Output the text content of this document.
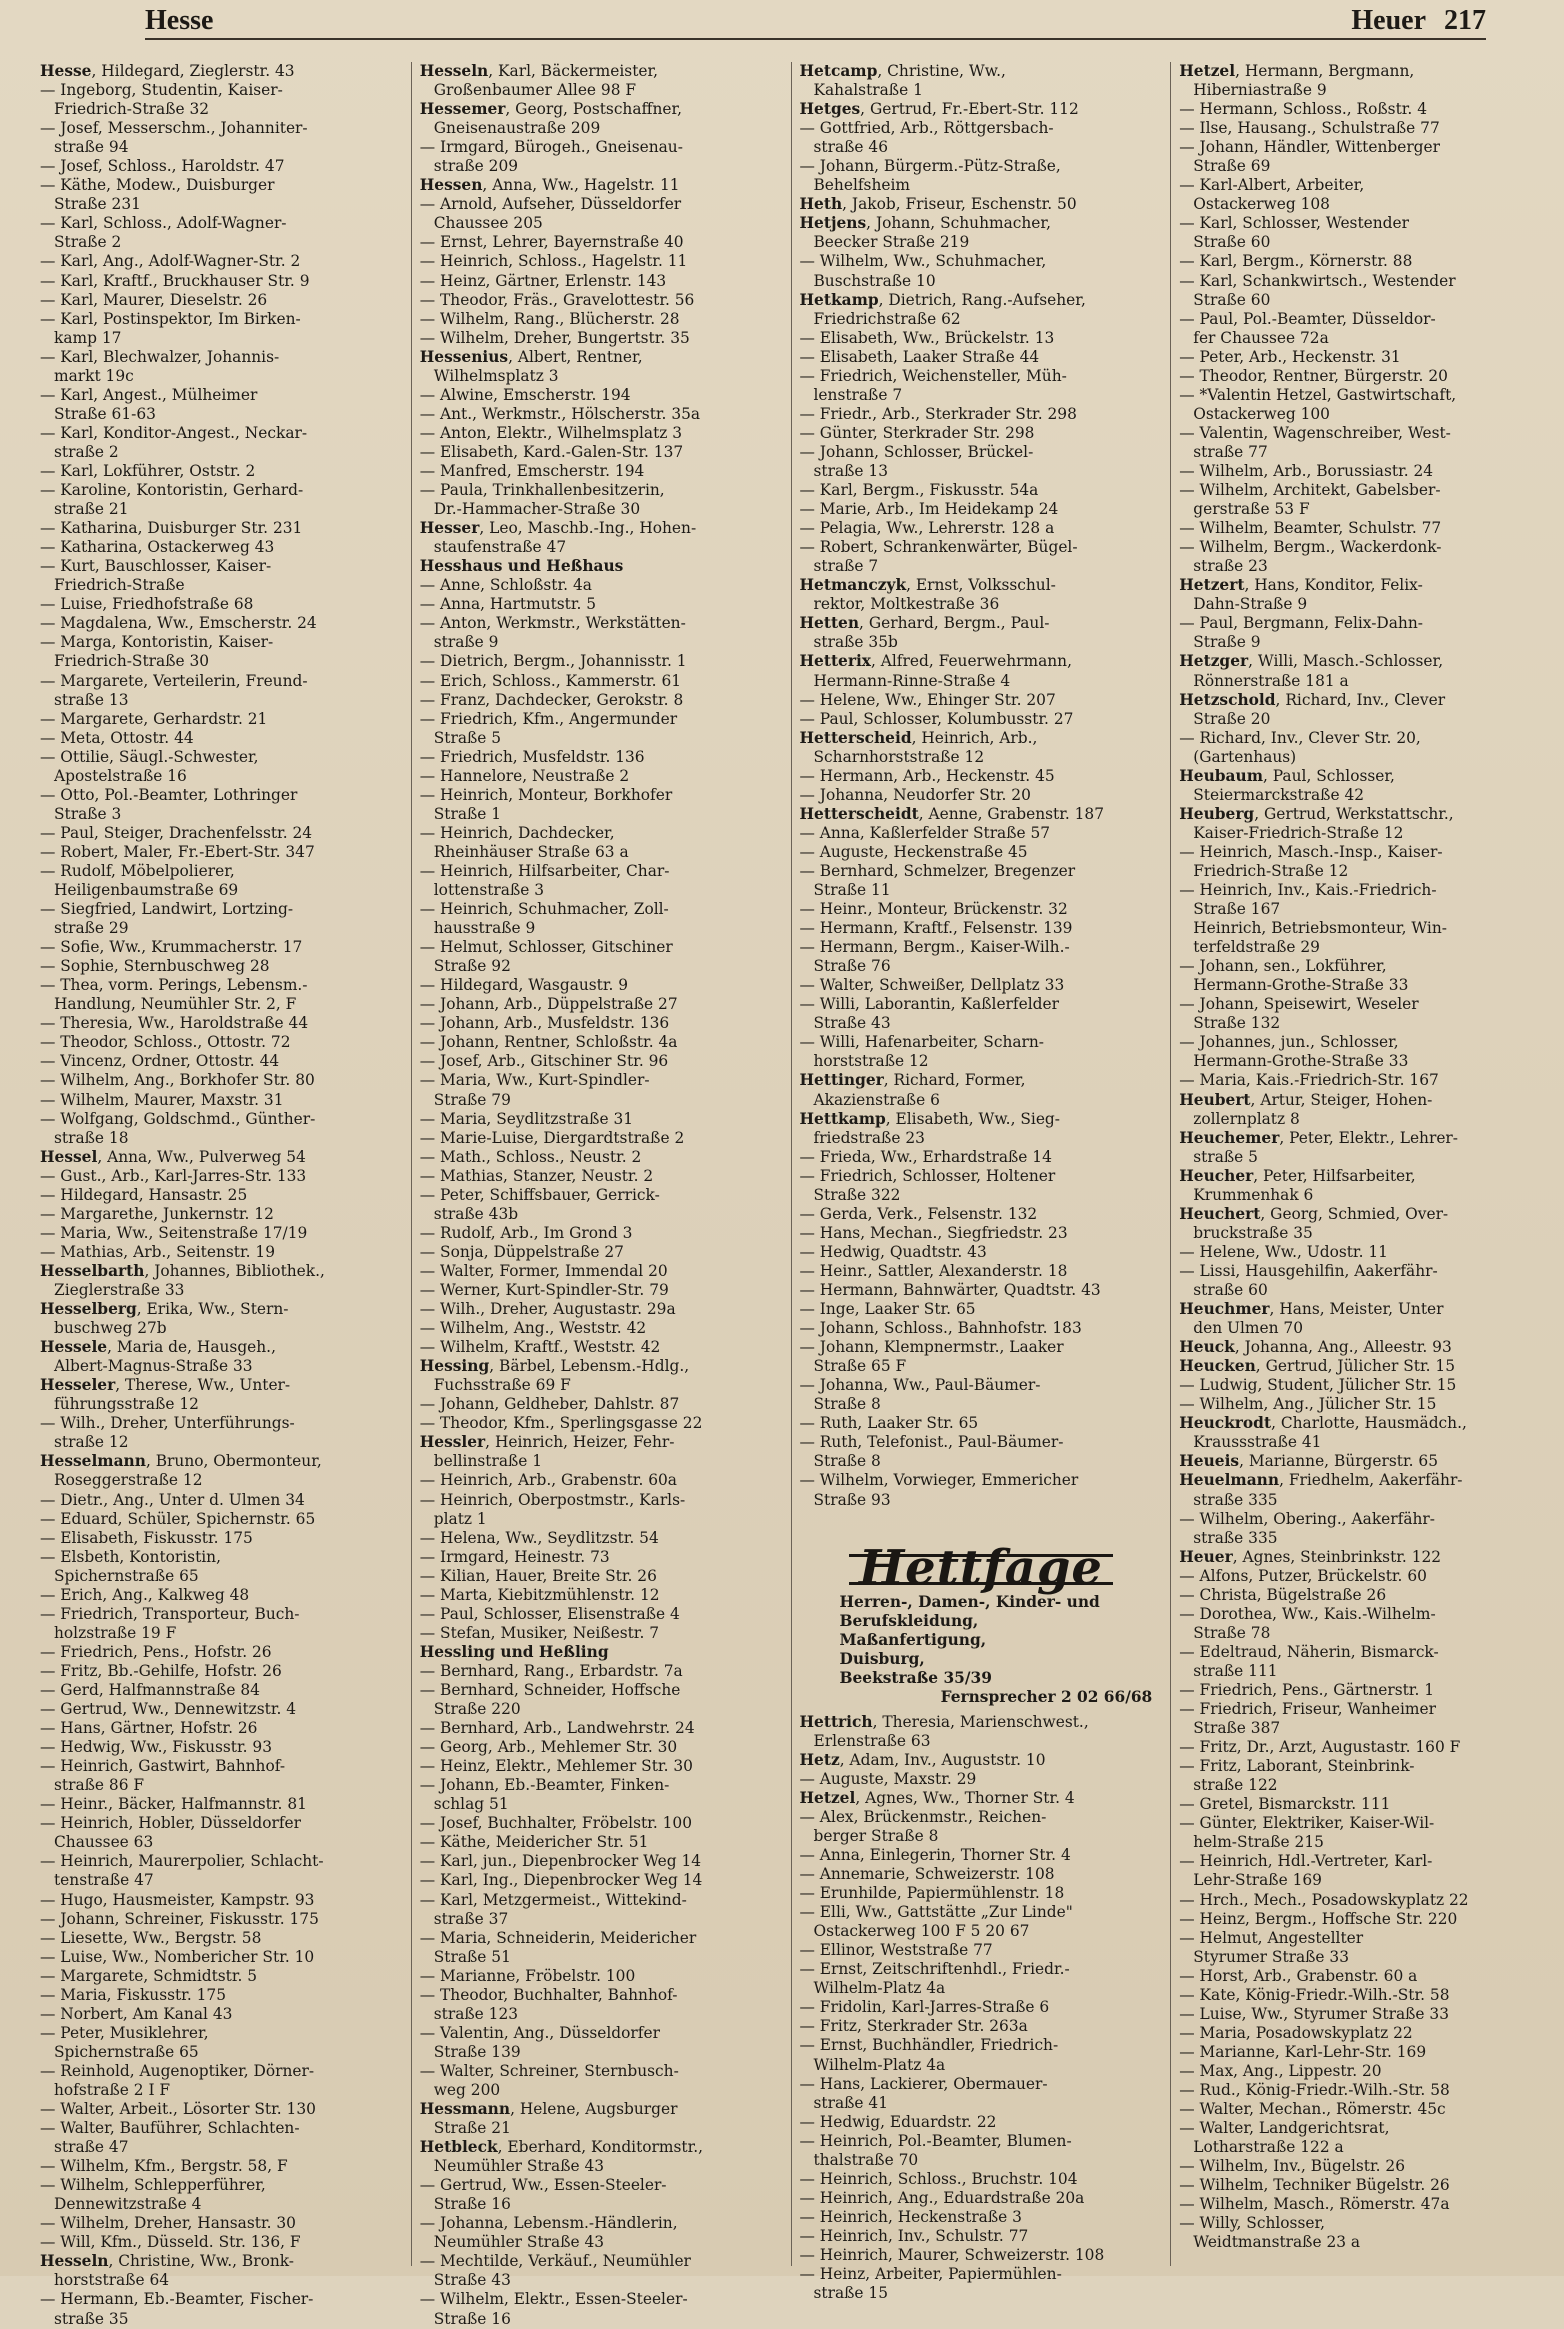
Hesse	Heuer 217
Hesse, Hildegard, Zieglerstr. 43
— Ingeborg, Studentin, Kaiser-
Friedrich-Straße 32
— Josef, Messerschm., Johanniter-
straße 94
— Josef, Schloss., Haroldstr. 47
— Käthe, Modew., Duisburger
Straße 231
— Karl, Schloss., Adolf-Wagner-
Straße 2
— Karl, Ang., Adolf-Wagner-Str. 2
— Karl, Kraftf., Bruckhauser Str. 9
— Karl, Maurer, Dieselstr. 26
— Karl, Postinspektor, Im Birken-
kamp 17
— Karl, Blechwalzer, Johannis-
markt 19c
— Karl, Angest., Mülheimer
Straße 61-63
— Karl, Konditor-Angest., Neckar-
straße 2
— Karl, Lokführer, Oststr. 2
— Karoline, Kontoristin, Gerhard-
straße 21
— Katharina, Duisburger Str. 231
— Katharina, Ostackerweg 43
— Kurt, Bauschlosser, Kaiser-
Friedrich-Straße
— Luise, Friedhofstraße 68
— Magdalena, Ww., Emscherstr. 24
— Marga, Kontoristin, Kaiser-
Friedrich-Straße 30
— Margarete, Verteilerin, Freund-
straße 13
— Margarete, Gerhardstr. 21
— Meta, Ottostr. 44
— Ottilie, Säugl.-Schwester,
Apostelstraße 16
— Otto, Pol.-Beamter, Lothringer
Straße 3
— Paul, Steiger, Drachenfelsstr. 24
— Robert, Maler, Fr.-Ebert-Str. 347
— Rudolf, Möbelpolierer,
Heiligenbaumstraße 69
— Siegfried, Landwirt, Lortzing-
straße 29
— Sofie, Ww., Krummacherstr. 17
— Sophie, Sternbuschweg 28
— Thea, vorm. Perings, Lebensm.-
Handlung, Neumühler Str. 2, F
— Theresia, Ww., Haroldstraße 44
— Theodor, Schloss., Ottostr. 72
— Vincenz, Ordner, Ottostr. 44
— Wilhelm, Ang., Borkhofer Str. 80
— Wilhelm, Maurer, Maxstr. 31
— Wolfgang, Goldschmd., Günther-
straße 18
Hessel, Anna, Ww., Pulverweg 54
— Gust., Arb., Karl-Jarres-Str. 133
— Hildegard, Hansastr. 25
— Margarethe, Junkernstr. 12
— Maria, Ww., Seitenstraße 17/19
— Mathias, Arb., Seitenstr. 19
Hesselbarth, Johannes, Bibliothek.,
Zieglerstraße 33
Hesselberg, Erika, Ww., Stern-
buschweg 27b
Hessele, Maria de, Hausgeh.,
Albert-Magnus-Straße 33
Hesseler, Therese, Ww., Unter-
führungsstraße 12
— Wilh., Dreher, Unterführungs-
straße 12
Hesselmann, Bruno, Obermonteur,
Roseggerstraße 12
— Dietr., Ang., Unter d. Ulmen 34
— Eduard, Schüler, Spichernstr. 65
— Elisabeth, Fiskusstr. 175
— Elsbeth, Kontoristin,
Spichernstraße 65
— Erich, Ang., Kalkweg 48
— Friedrich, Transporteur, Buch-
holzstraße 19 F
— Friedrich, Pens., Hofstr. 26
— Fritz, Bb.-Gehilfe, Hofstr. 26
— Gerd, Halfmannstraße 84
— Gertrud, Ww., Dennewitzstr. 4
— Hans, Gärtner, Hofstr. 26
— Hedwig, Ww., Fiskusstr. 93
— Heinrich, Gastwirt, Bahnhof-
straße 86 F
— Heinr., Bäcker, Halfmannstr. 81
— Heinrich, Hobler, Düsseldorfer
Chaussee 63
— Heinrich, Maurerpolier, Schlacht-
tenstraße 47
— Hugo, Hausmeister, Kampstr. 93
— Johann, Schreiner, Fiskusstr. 175
— Liesette, Ww., Bergstr. 58
— Luise, Ww., Nombericher Str. 10
— Margarete, Schmidtstr. 5
— Maria, Fiskusstr. 175
— Norbert, Am Kanal 43
— Peter, Musiklehrer,
Spichernstraße 65
— Reinhold, Augenoptiker, Dörner-
hofstraße 2 I F
— Walter, Arbeit., Lösorter Str. 130
— Walter, Bauführer, Schlachten-
straße 47
— Wilhelm, Kfm., Bergstr. 58, F
— Wilhelm, Schlepperführer,
Dennewitzstraße 4
— Wilhelm, Dreher, Hansastr. 30
— Will, Kfm., Düsseld. Str. 136, F
Hesseln, Christine, Ww., Bronk-
horststraße 64
— Hermann, Eb.-Beamter, Fischer-
straße 35
Hesseln, Karl, Bäckermeister,
Großenbaumer Allee 98 F
Hessemer, Georg, Postschaffner,
Gneisenaustraße 209
— Irmgard, Bürogeh., Gneisenau-
straße 209
Hessen, Anna, Ww., Hagelstr. 11
— Arnold, Aufseher, Düsseldorfer
Chaussee 205
— Ernst, Lehrer, Bayernstraße 40
— Heinrich, Schloss., Hagelstr. 11
— Heinz, Gärtner, Erlenstr. 143
— Theodor, Fräs., Gravelottestr. 56
— Wilhelm, Rang., Blücherstr. 28
— Wilhelm, Dreher, Bungertstr. 35
Hessenius, Albert, Rentner,
Wilhelmsplatz 3
— Alwine, Emscherstr. 194
— Ant., Werkmstr., Hölscherstr. 35a
— Anton, Elektr., Wilhelmsplatz 3
— Elisabeth, Kard.-Galen-Str. 137
— Manfred, Emscherstr. 194
— Paula, Trinkhallenbesitzerin,
Dr.-Hammacher-Straße 30
Hesser, Leo, Maschb.-Ing., Hohen-
staufenstraße 47
Hesshaus und Heßhaus
— Anne, Schloßstr. 4a
— Anna, Hartmutstr. 5
— Anton, Werkmstr., Werkstätten-
straße 9
— Dietrich, Bergm., Johannisstr. 1
— Erich, Schloss., Kammerstr. 61
— Franz, Dachdecker, Gerokstr. 8
— Friedrich, Kfm., Angermunder
Straße 5
— Friedrich, Musfeldstr. 136
— Hannelore, Neustraße 2
— Heinrich, Monteur, Borkhofer
Straße 1
— Heinrich, Dachdecker,
Rheinhäuser Straße 63 a
— Heinrich, Hilfsarbeiter, Char-
lottenstraße 3
— Heinrich, Schuhmacher, Zoll-
hausstraße 9
— Helmut, Schlosser, Gitschiner
Straße 92
— Hildegard, Wasgaustr. 9
— Johann, Arb., Düppelstraße 27
— Johann, Arb., Musfeldstr. 136
— Johann, Rentner, Schloßstr. 4a
— Josef, Arb., Gitschiner Str. 96
— Maria, Ww., Kurt-Spindler-
Straße 79
— Maria, Seydlitzstraße 31
— Marie-Luise, Diergardtstraße 2
— Math., Schloss., Neustr. 2
— Mathias, Stanzer, Neustr. 2
— Peter, Schiffsbauer, Gerrick-
straße 43b
— Rudolf, Arb., Im Grond 3
— Sonja, Düppelstraße 27
— Walter, Former, Immendal 20
— Werner, Kurt-Spindler-Str. 79
— Wilh., Dreher, Augustastr. 29a
— Wilhelm, Ang., Weststr. 42
— Wilhelm, Kraftf., Weststr. 42
Hessing, Bärbel, Lebensm.-Hdlg.,
Fuchsstraße 69 F
— Johann, Geldheber, Dahlstr. 87
— Theodor, Kfm., Sperlingsgasse 22
Hessler, Heinrich, Heizer, Fehr-
bellinstraße 1
— Heinrich, Arb., Grabenstr. 60a
— Heinrich, Oberpostmstr., Karls-
platz 1
— Helena, Ww., Seydlitzstr. 54
— Irmgard, Heinestr. 73
— Kilian, Hauer, Breite Str. 26
— Marta, Kiebitzmühlenstr. 12
— Paul, Schlosser, Elisenstraße 4
— Stefan, Musiker, Neißestr. 7
Hessling und Heßling
— Bernhard, Rang., Erbardstr. 7a
— Bernhard, Schneider, Hoffsche
Straße 220
— Bernhard, Arb., Landwehrstr. 24
— Georg, Arb., Mehlemer Str. 30
— Heinz, Elektr., Mehlemer Str. 30
— Johann, Eb.-Beamter, Finken-
schlag 51
— Josef, Buchhalter, Fröbelstr. 100
— Käthe, Meidericher Str. 51
— Karl, jun., Diepenbrocker Weg 14
— Karl, Ing., Diepenbrocker Weg 14
— Karl, Metzgermeist., Wittekind-
straße 37
— Maria, Schneiderin, Meidericher
Straße 51
— Marianne, Fröbelstr. 100
— Theodor, Buchhalter, Bahnhof-
straße 123
— Valentin, Ang., Düsseldorfer
Straße 139
— Walter, Schreiner, Sternbusch-
weg 200
Hessmann, Helene, Augsburger
Straße 21
Hetbleck, Eberhard, Konditormstr.,
Neumühler Straße 43
— Gertrud, Ww., Essen-Steeler-
Straße 16
— Johanna, Lebensm.-Händlerin,
Neumühler Straße 43
— Mechtilde, Verkäuf., Neumühler
Straße 43
— Wilhelm, Elektr., Essen-Steeler-
Straße 16
Hetcamp, Christine, Ww.,
Kahalstraße 1
Hetges, Gertrud, Fr.-Ebert-Str. 112
— Gottfried, Arb., Röttgersbach-
straße 46
— Johann, Bürgerm.-Pütz-Straße,
Behelfsheim
Heth, Jakob, Friseur, Eschenstr. 50
Hetjens, Johann, Schuhmacher,
Beecker Straße 219
— Wilhelm, Ww., Schuhmacher,
Buschstraße 10
Hetkamp, Dietrich, Rang.-Aufseher,
Friedrichstraße 62
— Elisabeth, Ww., Brückelstr. 13
— Elisabeth, Laaker Straße 44
— Friedrich, Weichensteller, Müh-
lenstraße 7
— Friedr., Arb., Sterkrader Str. 298
— Günter, Sterkrader Str. 298
— Johann, Schlosser, Brückel-
straße 13
— Karl, Bergm., Fiskusstr. 54a
— Marie, Arb., Im Heidekamp 24
— Pelagia, Ww., Lehrerstr. 128 a
— Robert, Schrankenwärter, Bügel-
straße 7
Hetmanczyk, Ernst, Volksschul-
rektor, Moltkestraße 36
Hetten, Gerhard, Bergm., Paul-
straße 35b
Hetterix, Alfred, Feuerwehrmann,
Hermann-Rinne-Straße 4
— Helene, Ww., Ehinger Str. 207
— Paul, Schlosser, Kolumbusstr. 27
Hetterscheid, Heinrich, Arb.,
Scharnhorststraße 12
— Hermann, Arb., Heckenstr. 45
— Johanna, Neudorfer Str. 20
Hetterscheidt, Aenne, Grabenstr. 187
— Anna, Kaßlerfelder Straße 57
— Auguste, Heckenstraße 45
— Bernhard, Schmelzer, Bregenzer
Straße 11
— Heinr., Monteur, Brückenstr. 32
— Hermann, Kraftf., Felsenstr. 139
— Hermann, Bergm., Kaiser-Wilh.-
Straße 76
— Walter, Schweißer, Dellplatz 33
— Willi, Laborantin, Kaßlerfelder
Straße 43
— Willi, Hafenarbeiter, Scharn-
horststraße 12
Hettinger, Richard, Former,
Akazienstraße 6
Hettkamp, Elisabeth, Ww., Sieg-
friedstraße 23
— Frieda, Ww., Erhardstraße 14
— Friedrich, Schlosser, Holtener
Straße 322
— Gerda, Verk., Felsenstr. 132
— Hans, Mechan., Siegfriedstr. 23
— Hedwig, Quadtstr. 43
— Heinr., Sattler, Alexanderstr. 18
— Hermann, Bahnwärter, Quadtstr. 43
— Inge, Laaker Str. 65
— Johann, Schloss., Bahnhofstr. 183
— Johann, Klempnermstr., Laaker
Straße 65 F
— Johanna, Ww., Paul-Bäumer-
Straße 8
— Ruth, Laaker Str. 65
— Ruth, Telefonist., Paul-Bäumer-
Straße 8
— Wilhelm, Vorwieger, Emmericher
Straße 93
Hettfage
Herren-, Damen-, Kinder- und
Berufskleidung,
Maßanfertigung,
Duisburg,
Beekstraße 35/39
Fernsprecher 2 02 66/68
Hettrich, Theresia, Marienschwest.,
Erlenstraße 63
Hetz, Adam, Inv., Auguststr. 10
— Auguste, Maxstr. 29
Hetzel, Agnes, Ww., Thorner Str. 4
— Alex, Brückenmstr., Reichen-
berger Straße 8
— Anna, Einlegerin, Thorner Str. 4
— Annemarie, Schweizerstr. 108
— Erunhilde, Papiermühlenstr. 18
— Elli, Ww., Gattstätte „Zur Linde"
Ostackerweg 100 F 5 20 67
— Ellinor, Weststraße 77
— Ernst, Zeitschriftenhdl., Friedr.-
Wilhelm-Platz 4a
— Fridolin, Karl-Jarres-Straße 6
— Fritz, Sterkrader Str. 263a
— Ernst, Buchhändler, Friedrich-
Wilhelm-Platz 4a
— Hans, Lackierer, Obermauer-
straße 41
— Hedwig, Eduardstr. 22
— Heinrich, Pol.-Beamter, Blumen-
thalstraße 70
— Heinrich, Schloss., Bruchstr. 104
— Heinrich, Ang., Eduardstraße 20a
— Heinrich, Heckenstraße 3
— Heinrich, Inv., Schulstr. 77
— Heinrich, Maurer, Schweizerstr. 108
— Heinz, Arbeiter, Papiermühlen-
straße 15
Hetzel, Hermann, Bergmann,
Hiberniastraße 9
— Hermann, Schloss., Roßstr. 4
— Ilse, Hausang., Schulstraße 77
— Johann, Händler, Wittenberger
Straße 69
— Karl-Albert, Arbeiter,
Ostackerweg 108
— Karl, Schlosser, Westender
Straße 60
— Karl, Bergm., Körnerstr. 88
— Karl, Schankwirtsch., Westender
Straße 60
— Paul, Pol.-Beamter, Düsseldor-
fer Chaussee 72a
— Peter, Arb., Heckenstr. 31
— Theodor, Rentner, Bürgerstr. 20
— *Valentin Hetzel, Gastwirtschaft,
Ostackerweg 100
— Valentin, Wagenschreiber, West-
straße 77
— Wilhelm, Arb., Borussiastr. 24
— Wilhelm, Architekt, Gabelsber-
gerstraße 53 F
— Wilhelm, Beamter, Schulstr. 77
— Wilhelm, Bergm., Wackerdonk-
straße 23
Hetzert, Hans, Konditor, Felix-
Dahn-Straße 9
— Paul, Bergmann, Felix-Dahn-
Straße 9
Hetzger, Willi, Masch.-Schlosser,
Rönnerstraße 181 a
Hetzschold, Richard, Inv., Clever
Straße 20
— Richard, Inv., Clever Str. 20,
(Gartenhaus)
Heubaum, Paul, Schlosser,
Steiermarckstraße 42
Heuberg, Gertrud, Werkstattschr.,
Kaiser-Friedrich-Straße 12
— Heinrich, Masch.-Insp., Kaiser-
Friedrich-Straße 12
— Heinrich, Inv., Kais.-Friedrich-
Straße 167
Heinrich, Betriebsmonteur, Win-
terfeldstraße 29
— Johann, sen., Lokführer,
Hermann-Grothe-Straße 33
— Johann, Speisewirt, Weseler
Straße 132
— Johannes, jun., Schlosser,
Hermann-Grothe-Straße 33
— Maria, Kais.-Friedrich-Str. 167
Heubert, Artur, Steiger, Hohen-
zollernplatz 8
Heuchemer, Peter, Elektr., Lehrer-
straße 5
Heucher, Peter, Hilfsarbeiter,
Krummenhak 6
Heuchert, Georg, Schmied, Over-
bruckstraße 35
— Helene, Ww., Udostr. 11
— Lissi, Hausgehilfin, Aakerfähr-
straße 60
Heuchmer, Hans, Meister, Unter
den Ulmen 70
Heuck, Johanna, Ang., Alleestr. 93
Heucken, Gertrud, Jülicher Str. 15
— Ludwig, Student, Jülicher Str. 15
— Wilhelm, Ang., Jülicher Str. 15
Heuckrodt, Charlotte, Hausmädch.,
Kraussstraße 41
Heueis, Marianne, Bürgerstr. 65
Heuelmann, Friedhelm, Aakerfähr-
straße 335
— Wilhelm, Obering., Aakerfähr-
straße 335
Heuer, Agnes, Steinbrinkstr. 122
— Alfons, Putzer, Brückelstr. 60
— Christa, Bügelstraße 26
— Dorothea, Ww., Kais.-Wilhelm-
Straße 78
— Edeltraud, Näherin, Bismarck-
straße 111
— Friedrich, Pens., Gärtnerstr. 1
— Friedrich, Friseur, Wanheimer
Straße 387
— Fritz, Dr., Arzt, Augustastr. 160 F
— Fritz, Laborant, Steinbrink-
straße 122
— Gretel, Bismarckstr. 111
— Günter, Elektriker, Kaiser-Wil-
helm-Straße 215
— Heinrich, Hdl.-Vertreter, Karl-
Lehr-Straße 169
— Hrch., Mech., Posadowskyplatz 22
— Heinz, Bergm., Hoffsche Str. 220
— Helmut, Angestellter
Styrumer Straße 33
— Horst, Arb., Grabenstr. 60 a
— Kate, König-Friedr.-Wilh.-Str. 58
— Luise, Ww., Styrumer Straße 33
— Maria, Posadowskyplatz 22
— Marianne, Karl-Lehr-Str. 169
— Max, Ang., Lippestr. 20
— Rud., König-Friedr.-Wilh.-Str. 58
— Walter, Mechan., Römerstr. 45c
— Walter, Landgerichtsrat,
Lotharstraße 122 a
— Wilhelm, Inv., Bügelstr. 26
— Wilhelm, Techniker Bügelstr. 26
— Wilhelm, Masch., Römerstr. 47a
— Willy, Schlosser,
Weidtmanstraße 23 a
